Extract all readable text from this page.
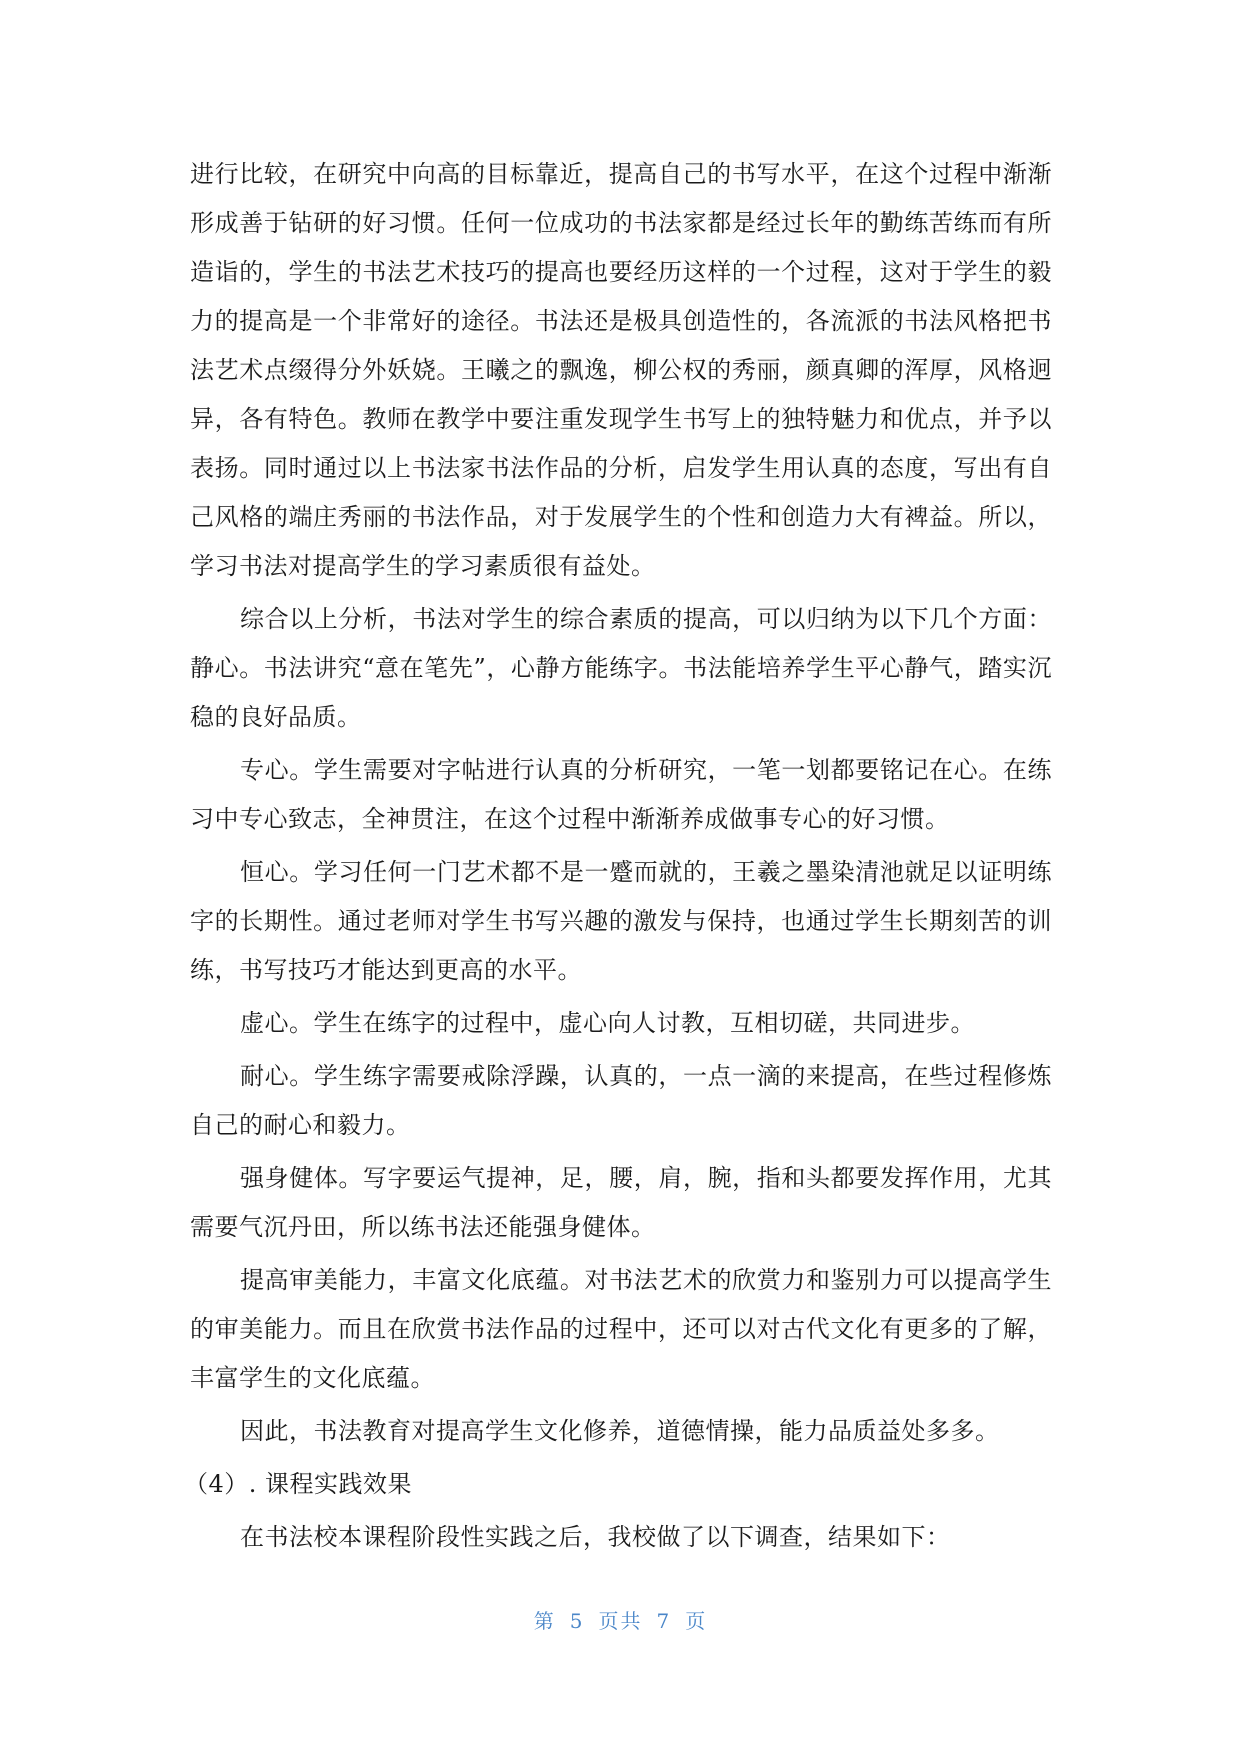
进行比较，在研究中向高的目标靠近，提高自己的书写水平，在这个过程中渐渐形成善于钻研的好习惯。任何一位成功的书法家都是经过长年的勤练苦练而有所造诣的，学生的书法艺术技巧的提高也要经历这样的一个过程，这对于学生的毅力的提高是一个非常好的途径。书法还是极具创造性的，各流派的书法风格把书法艺术点缀得分外妖娆。王曦之的飘逸，柳公权的秀丽，颜真卿的浑厚，风格迥异，各有特色。教师在教学中要注重发现学生书写上的独特魅力和优点，并予以表扬。同时通过以上书法家书法作品的分析，启发学生用认真的态度，写出有自己风格的端庄秀丽的书法作品，对于发展学生的个性和创造力大有裨益。所以，学习书法对提高学生的学习素质很有益处。

综合以上分析，书法对学生的综合素质的提高，可以归纳为以下几个方面：静心。书法讲究“意在笔先”，心静方能练字。书法能培养学生平心静气，踏实沉稳的良好品质。

专心。学生需要对字帖进行认真的分析研究，一笔一划都要铭记在心。在练习中专心致志，全神贯注，在这个过程中渐渐养成做事专心的好习惯。

恒心。学习任何一门艺术都不是一蹙而就的，王羲之墨染清池就足以证明练字的长期性。通过老师对学生书写兴趣的激发与保持，也通过学生长期刻苦的训练，书写技巧才能达到更高的水平。

虚心。学生在练字的过程中，虚心向人讨教，互相切磋，共同进步。

耐心。学生练字需要戒除浮躁，认真的，一点一滴的来提高，在些过程修炼自己的耐心和毅力。

强身健体。写字要运气提神，足，腰，肩，腕，指和头都要发挥作用，尤其需要气沉丹田，所以练书法还能强身健体。

提高审美能力，丰富文化底蕴。对书法艺术的欣赏力和鉴别力可以提高学生的审美能力。而且在欣赏书法作品的过程中，还可以对古代文化有更多的了解，丰富学生的文化底蕴。

因此，书法教育对提高学生文化修养，道德情操，能力品质益处多多。

（4）. 课程实践效果

在书法校本课程阶段性实践之后，我校做了以下调查，结果如下：

第 5 页共 7 页
